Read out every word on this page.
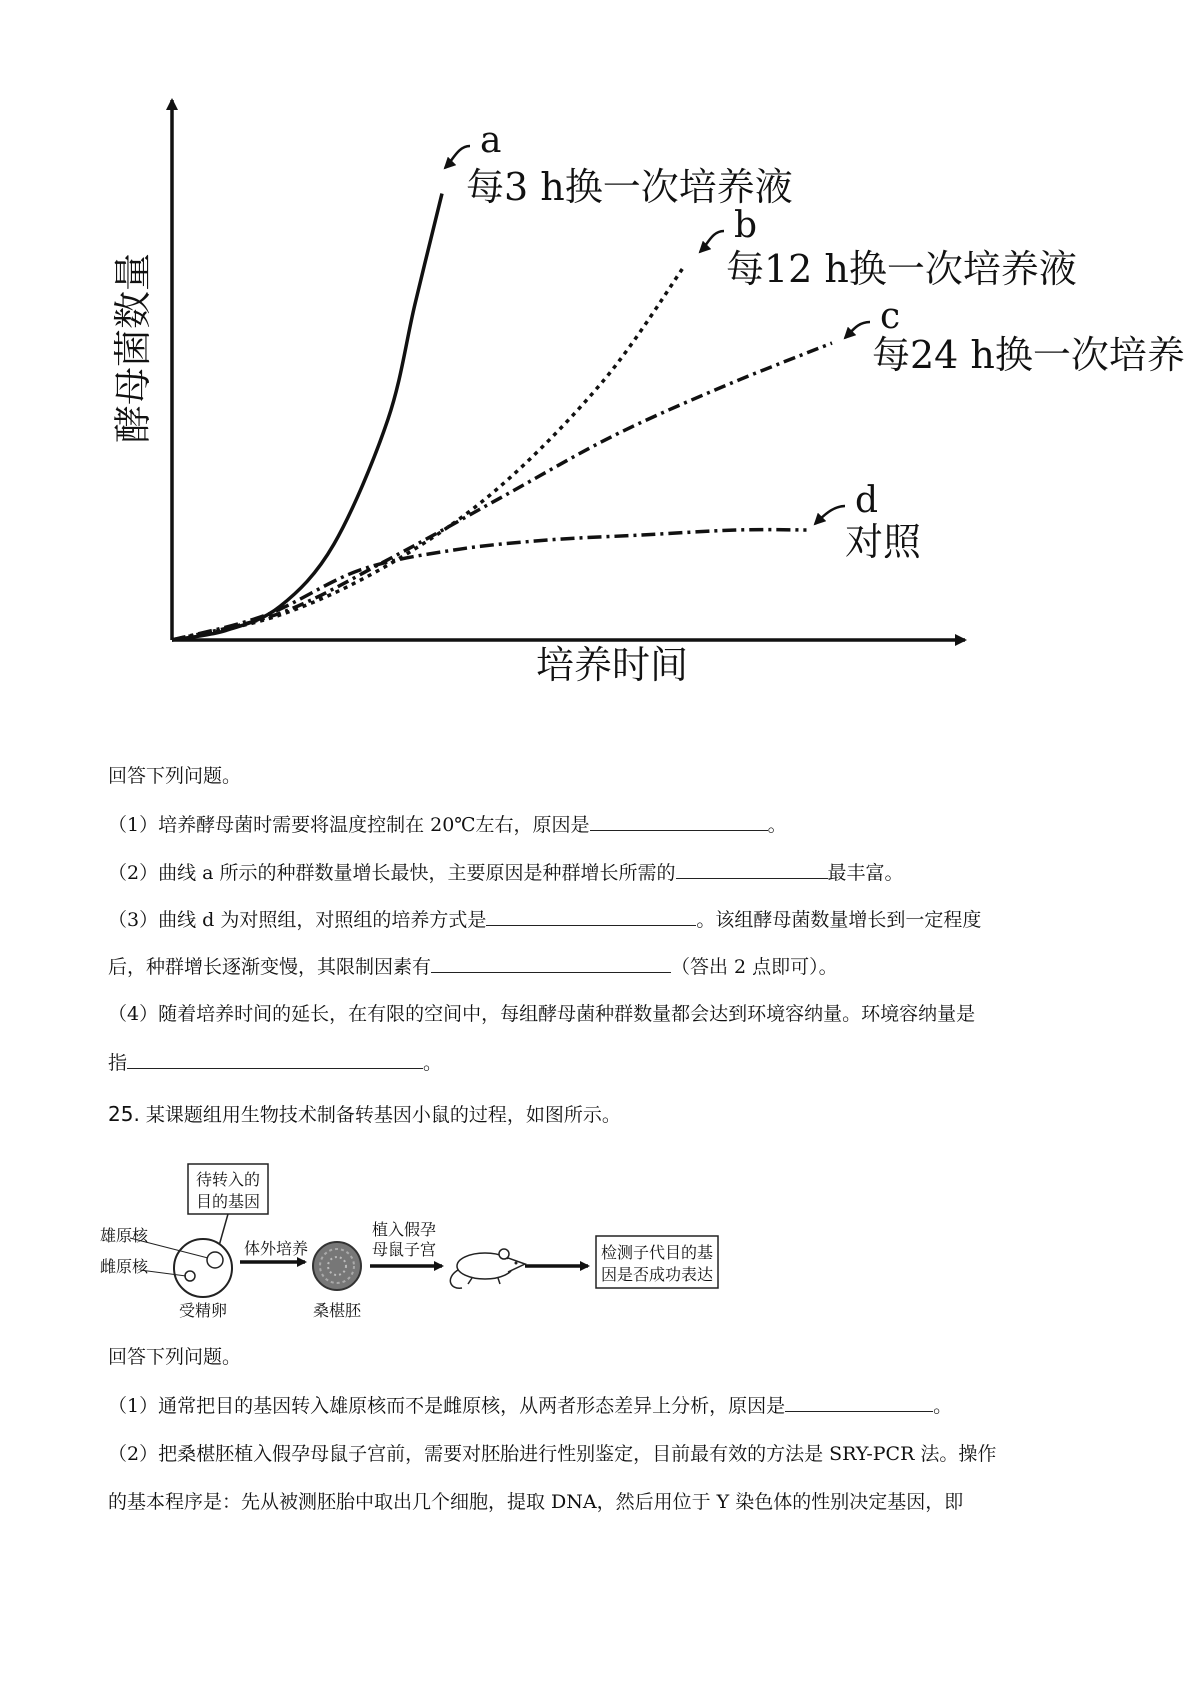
培养时间
酵母菌数量
a
每3 h换一次培养液
b
每12 h换一次培养液
c
每24 h换一次培养
d
对照
回答下列问题。
（1）培养酵母菌时需要将温度控制在 20℃左右，原因是	。
（2）曲线 a 所示的种群数量增长最快，主要原因是种群增长所需的	最丰富。
（3）曲线 d 为对照组，对照组的培养方式是	。该组酵母菌数量增长到一定程度
后，种群增长逐渐变慢，其限制因素有	（答出 2 点即可）。
（4）随着培养时间的延长，在有限的空间中，每组酵母菌种群数量都会达到环境容纳量。环境容纳量是
指	。
25. 某课题组用生物技术制备转基因小鼠的过程，如图所示。
待转入的
目的基因
雄原核
雌原核
受精卵
体外培养
桑椹胚
植入假孕
母鼠子宫	检测子代目的基
因是否成功表达
回答下列问题。
（1）通常把目的基因转入雄原核而不是雌原核，从两者形态差异上分析，原因是	。
（2）把桑椹胚植入假孕母鼠子宫前，需要对胚胎进行性别鉴定，目前最有效的方法是 SRY-PCR 法。操作
的基本程序是：先从被测胚胎中取出几个细胞，提取 DNA，然后用位于 Y 染色体的性别决定基因，即
